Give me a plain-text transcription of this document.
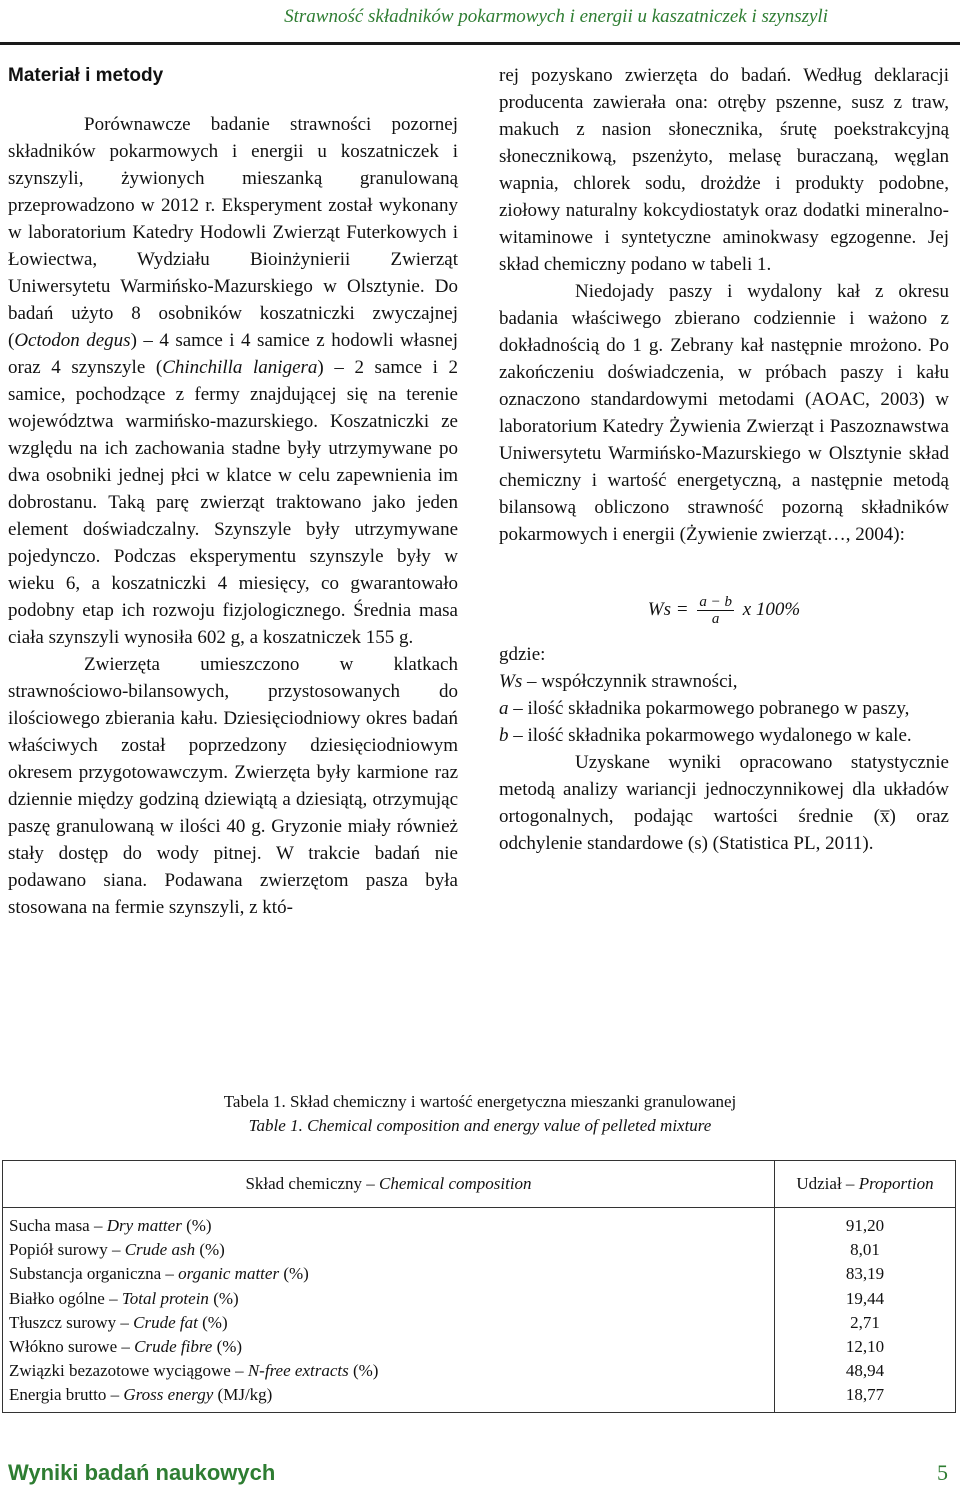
Strawność składników pokarmowych i energii u kaszatniczek i szynszyli
Materiał i metody

Porównawcze badanie strawności pozornej składników pokarmowych i energii u koszatniczek i szynszyli, żywionych mieszanką granulowaną przeprowadzono w 2012 r. Eksperyment został wykonany w laboratorium Katedry Hodowli Zwierząt Futerkowych i Łowiectwa, Wydziału Bioinżynierii Zwierząt Uniwersytetu Warmińsko-Mazurskiego w Olsztynie. Do badań użyto 8 osobników koszatniczki zwyczajnej (Octodon degus) – 4 samce i 4 samice z hodowli własnej oraz 4 szynszyle (Chinchilla lanigera) – 2 samce i 2 samice, pochodzące z fermy znajdującej się na terenie województwa warmińsko-mazurskiego. Koszatniczki ze względu na ich zachowania stadne były utrzymywane po dwa osobniki jednej płci w klatce w celu zapewnienia im dobrostanu. Taką parę zwierząt traktowano jako jeden element doświadczalny. Szynszyle były utrzymywane pojedynczo. Podczas eksperymentu szynszyle były w wieku 6, a koszatniczki 4 miesięcy, co gwarantowało podobny etap ich rozwoju fizjologicznego. Średnia masa ciała szynszyli wynosiła 602 g, a koszatniczek 155 g.

Zwierzęta umieszczono w klatkach strawnościowo-bilansowych, przystosowanych do ilościowego zbierania kału. Dziesięciodniowy okres badań właściwych został poprzedzony dziesięciodniowym okresem przygotowawczym. Zwierzęta były karmione raz dziennie między godziną dziewiątą a dziesiątą, otrzymując paszę granulowaną w ilości 40 g. Gryzonie miały również stały dostęp do wody pitnej. W trakcie badań nie podawano siana. Podawana zwierzętom pasza była stosowana na fermie szynszyli, z któ-

rej pozyskano zwierzęta do badań. Według deklaracji producenta zawierała ona: otręby pszenne, susz z traw, makuch z nasion słonecznika, śrutę poekstrakcyjną słonecznikową, pszenżyto, melasę buraczaną, węglan wapnia, chlorek sodu, drożdże i produkty podobne, ziołowy naturalny kokcydiostatyk oraz dodatki mineralno-witaminowe i syntetyczne aminokwasy egzogenne. Jej skład chemiczny podano w tabeli 1.

Niedojady paszy i wydalony kał z okresu badania właściwego zbierano codziennie i ważono z dokładnością do 1 g. Zebrany kał następnie mrożono. Po zakończeniu doświadczenia, w próbach paszy i kału oznaczono standardowymi metodami (AOAC, 2003) w laboratorium Katedry Żywienia Zwierząt i Paszoznawstwa Uniwersytetu Warmińsko-Mazurskiego w Olsztynie skład chemiczny i wartość energetyczną, a następnie metodą bilansową obliczono strawność pozorną składników pokarmowych i energii (Żywienie zwierząt…, 2004):

$Ws = \frac{a - b}{a}$ x 100%

gdzie:

Ws – współczynnik strawności,

a – ilość składnika pokarmowego pobranego w paszy,

b – ilość składnika pokarmowego wydalonego w kale.

Uzyskane wyniki opracowano statystycznie metodą analizy wariancji jednoczynnikowej dla układów ortogonalnych, podając wartości średnie (x̅) oraz odchylenie standardowe (s) (Statistica PL, 2011).

Tabela 1. Skład chemiczny i wartość energetyczna mieszanki granulowanej
Table 1. Chemical composition and energy value of pelleted mixture
Skład chemiczny – Chemical composition	Udział – Proportion
Sucha masa – Dry matter (%)	91,20
Popiół surowy – Crude ash (%)	8,01
Substancja organiczna – organic matter (%)	83,19
Białko ogólne – Total protein (%)	19,44
Tłuszcz surowy – Crude fat (%)	2,71
Włókno surowe – Crude fibre (%)	12,10
Związki bezazotowe wyciągowe – N-free extracts (%)	48,94
Energia brutto – Gross energy (MJ/kg)	18,77
Wyniki badań naukowych	5
